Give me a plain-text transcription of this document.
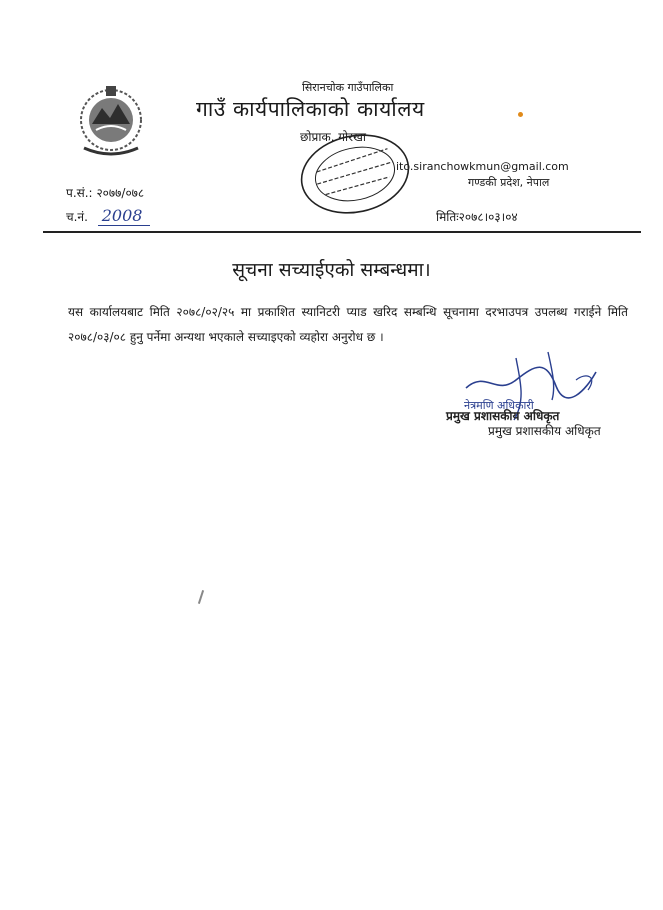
सिरानचोक गाउँपालिका
गाउँ कार्यपालिकाको कार्यालय
छोप्राक, गोरखा
ito.siranchowkmun@gmail.com
गण्डकी प्रदेश, नेपाल
प.सं.: २०७७/०७८
च.नं. 2008	मितिः२०७८।०३।०४
सूचना सच्याईएको सम्बन्धमा।
यस कार्यालयबाट मिति २०७८/०२/२५ मा प्रकाशित स्यानिटरी प्याड खरिद सम्बन्धि सूचनामा दरभाउपत्र उपलब्ध गराईने मिति २०७८/०३/०८ हुनु पर्नेमा अन्यथा भएकाले सच्याइएको व्यहोरा अनुरोध छ ।
नेत्रमणि अधिकारी
प्रमुख प्रशासकीय अधिकृत
प्रमुख प्रशासकीय अधिकृत
